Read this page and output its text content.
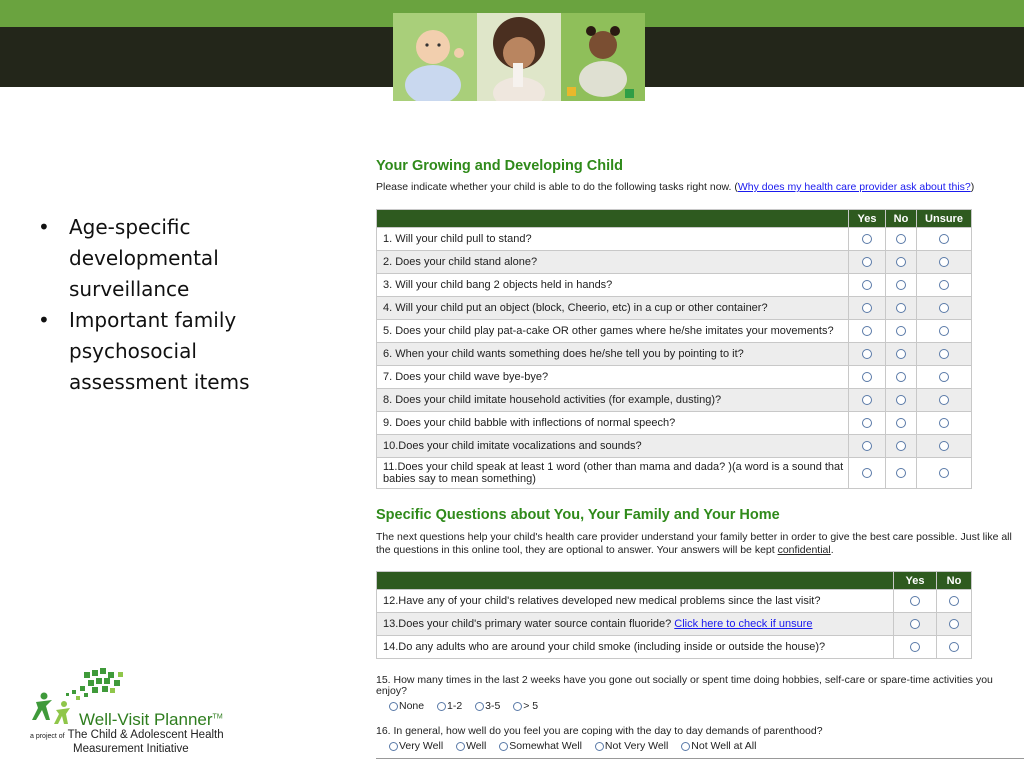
• Age-specific developmental surveillance
• Important family psychosocial assessment items
Your Growing and Developing Child
Please indicate whether your child is able to do the following tasks right now. (Why does my health care provider ask about this?)
	Yes	No	Unsure

1. Will your child pull to stand?			

2. Does your child stand alone?			

3. Will your child bang 2 objects held in hands?			

4. Will your child put an object (block, Cheerio, etc) in a cup or other container?			

5. Does your child play pat-a-cake OR other games where he/she imitates your movements?			

6. When your child wants something does he/she tell you by pointing to it?			

7. Does your child wave bye-bye?			

8. Does your child imitate household activities (for example, dusting)?			

9. Does your child babble with inflections of normal speech?			

10.Does your child imitate vocalizations and sounds?			

11.Does your child speak at least 1 word (other than mama and dada? )(a word is a sound that babies say to mean something)			

Specific Questions about You, Your Family and Your Home
The next questions help your child's health care provider understand your family better in order to give the best care possible. Just like all the questions in this online tool, they are optional to answer. Your answers will be kept confidential.
	Yes	No
12.Have any of your child's relatives developed new medical problems since the last visit?		
13.Does your child's primary water source contain fluoride? Click here to check if unsure		
14.Do any adults who are around your child smoke (including inside or outside the house)?		
15. How many times in the last 2 weeks have you gone out socially or spent time doing hobbies, self-care or spare-time activities you enjoy?
None 1-2 3-5 > 5
16. In general, how well do you feel you are coping with the day to day demands of parenthood?
Very Well Well Somewhat Well Not Very Well Not Well at All
Well-Visit Planner™
a project of The Child & Adolescent Health
Measurement Initiative
